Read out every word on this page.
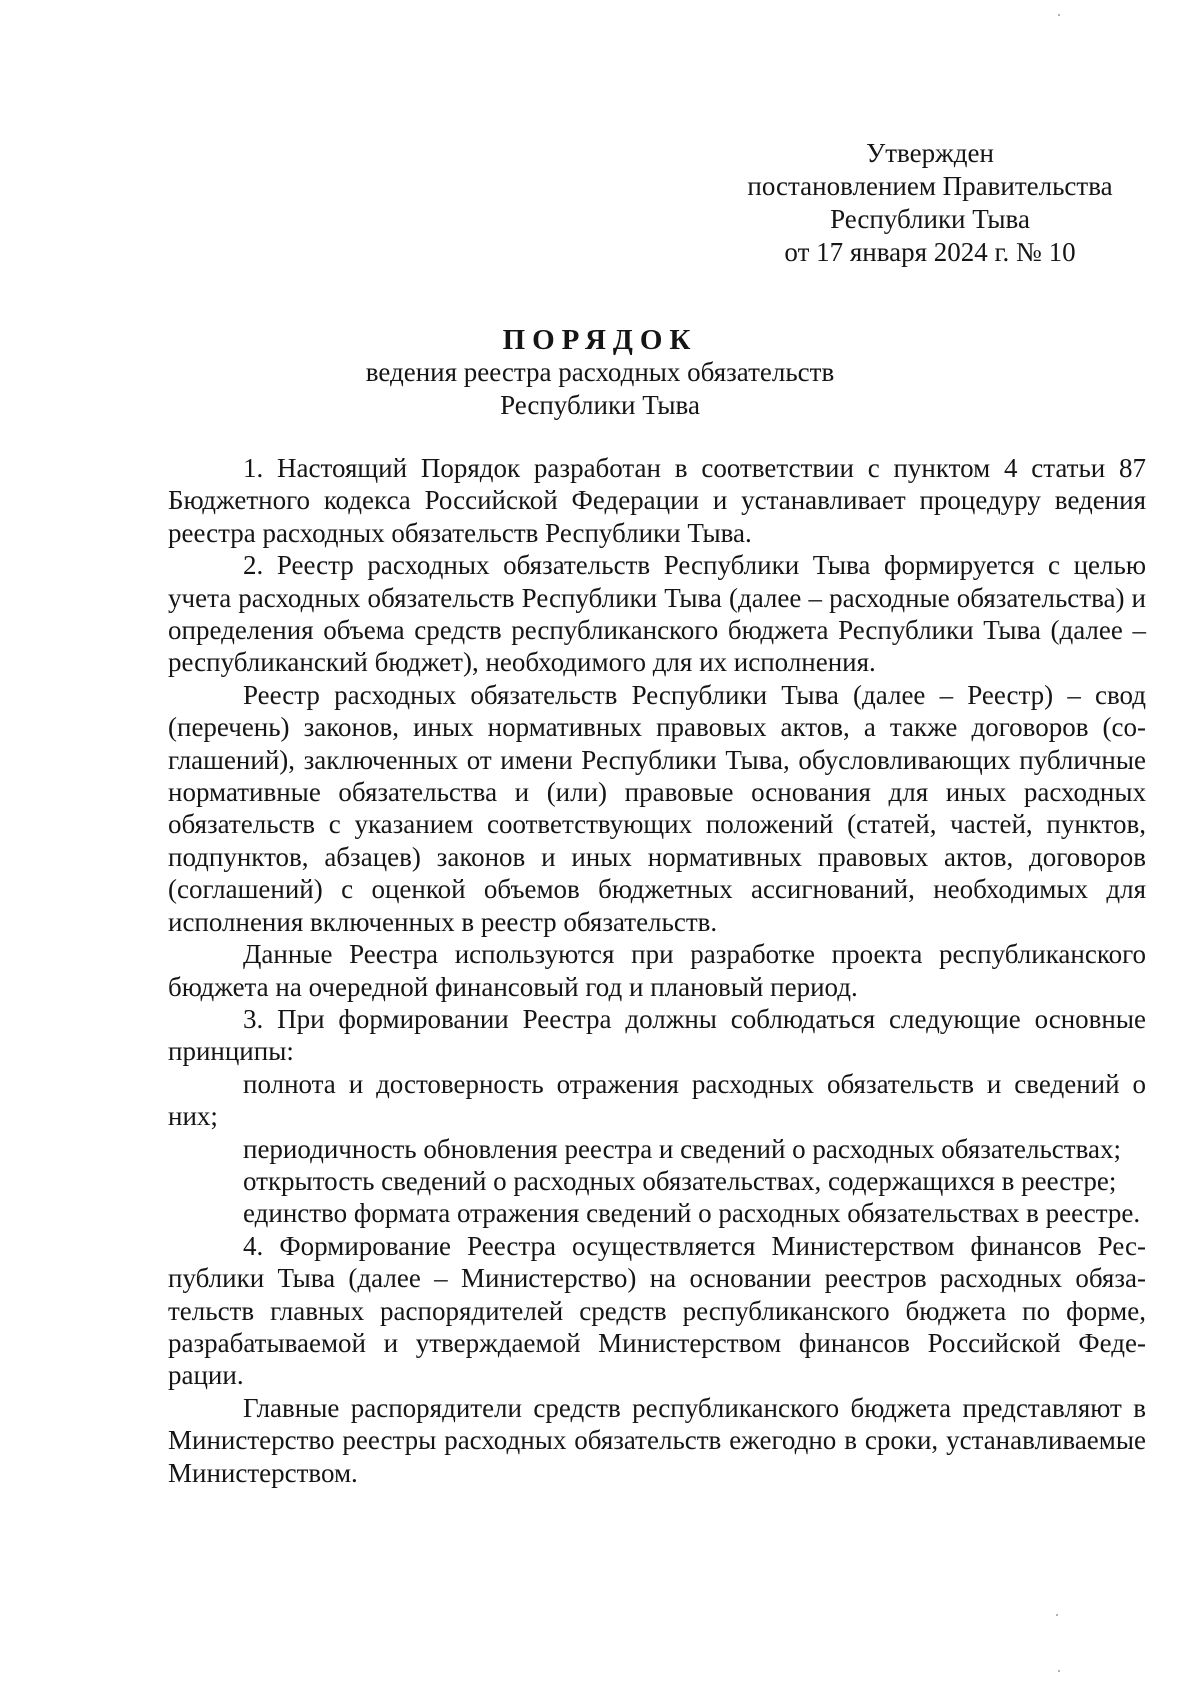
Утвержден
постановлением Правительства
Республики Тыва
от 17 января 2024 г. № 10
ПОРЯДОК
ведения реестра расходных обязательств
Республики Тыва

1. Настоящий Порядок разработан в соответствии с пунктом 4 статьи 87 Бюджетного кодекса Российской Федерации и устанавливает процедуру ведения реестра расходных обязательств Республики Тыва.

2. Реестр расходных обязательств Республики Тыва формируется с целью учета расходных обязательств Республики Тыва (далее – расходные обязательства) и определения объема средств республиканского бюджета Республики Тыва (далее – республиканский бюджет), необходимого для их исполнения.

Реестр расходных обязательств Республики Тыва (далее – Реестр) – свод (перечень) законов, иных нормативных правовых актов, а также договоров (соглашений), заключенных от имени Республики Тыва, обусловливающих публичные нормативные обязательства и (или) правовые основания для иных расходных обязательств с указанием соответствующих положений (статей, частей, пунктов, подпунктов, абзацев) законов и иных нормативных правовых актов, договоров (соглашений) с оценкой объемов бюджетных ассигнований, необходимых для исполнения включенных в реестр обязательств.

Данные Реестра используются при разработке проекта республиканского бюджета на очередной финансовый год и плановый период.

3. При формировании Реестра должны соблюдаться следующие основные принципы:

полнота и достоверность отражения расходных обязательств и сведений о них;

периодичность обновления реестра и сведений о расходных обязательствах;

открытость сведений о расходных обязательствах, содержащихся в реестре;

единство формата отражения сведений о расходных обязательствах в реестре.

4. Формирование Реестра осуществляется Министерством финансов Республики Тыва (далее – Министерство) на основании реестров расходных обязательств главных распорядителей средств республиканского бюджета по форме, разрабатываемой и утверждаемой Министерством финансов Российской Федерации.

Главные распорядители средств республиканского бюджета представляют в Министерство реестры расходных обязательств ежегодно в сроки, устанавливаемые Министерством.
